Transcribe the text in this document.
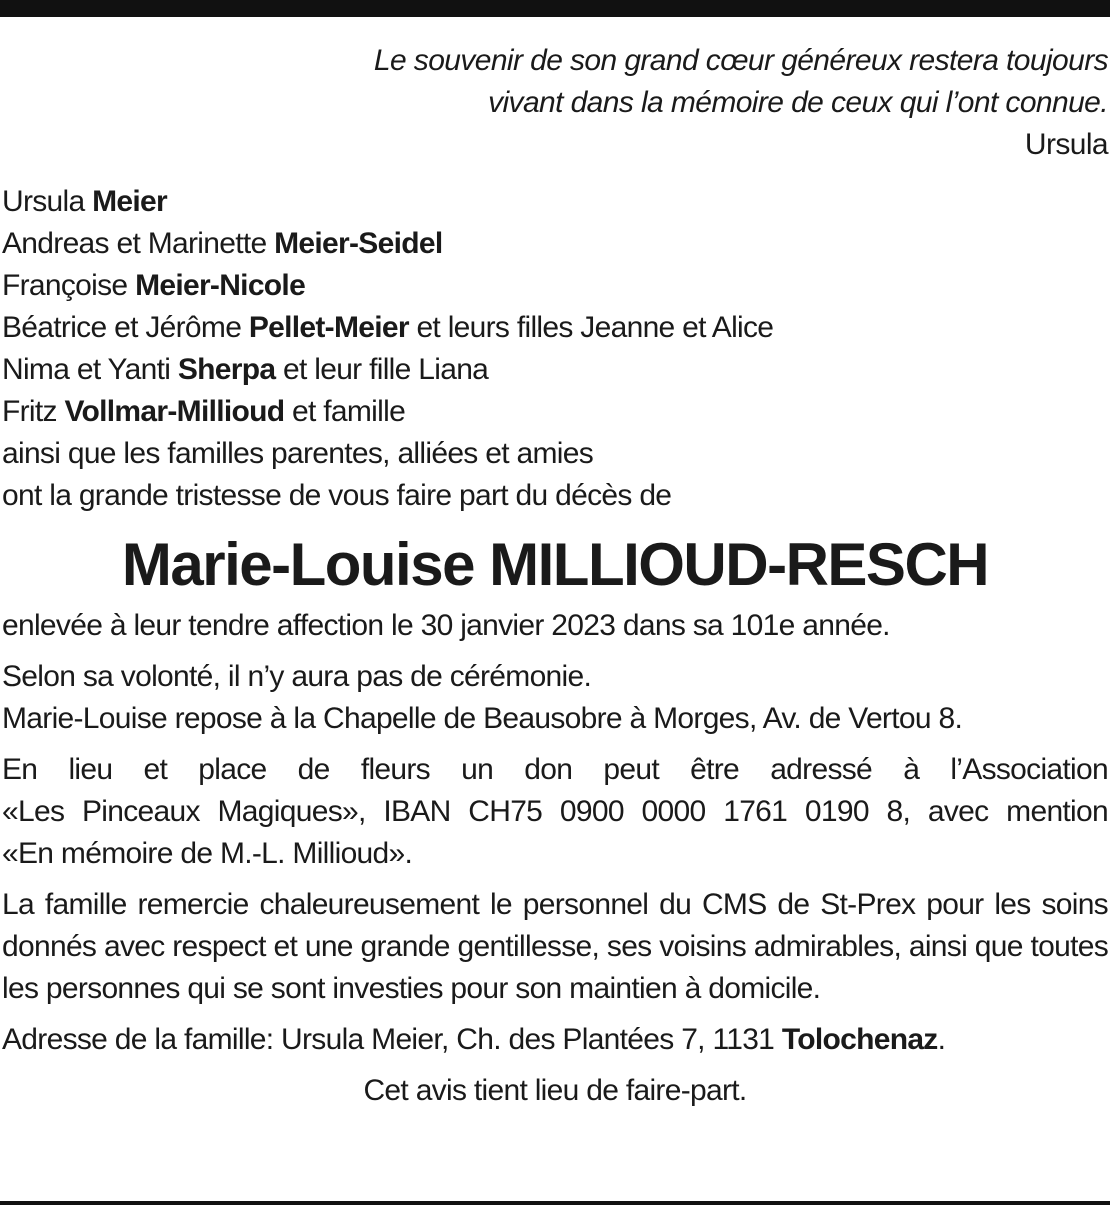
Le souvenir de son grand cœur généreux restera toujours
vivant dans la mémoire de ceux qui l’ont connue.
Ursula
Ursula Meier
Andreas et Marinette Meier-Seidel
Françoise Meier-Nicole
Béatrice et Jérôme Pellet-Meier et leurs filles Jeanne et Alice
Nima et Yanti Sherpa et leur fille Liana
Fritz Vollmar-Millioud et famille
ainsi que les familles parentes, alliées et amies
ont la grande tristesse de vous faire part du décès de
Marie-Louise MILLIOUD-RESCH

enlevée à leur tendre affection le 30 janvier 2023 dans sa 101e année.

Selon sa volonté, il n’y aura pas de cérémonie.

Marie-Louise repose à la Chapelle de Beausobre à Morges, Av. de Vertou 8.

En lieu et place de fleurs un don peut être adressé à l’Association

«Les Pinceaux Magiques», IBAN CH75 0900 0000 1761 0190 8, avec mention

«En mémoire de M.-L. Millioud».

La famille remercie chaleureusement le personnel du CMS de St-Prex pour les soins donnés avec respect et une grande gentillesse, ses voisins admirables, ainsi que toutes les personnes qui se sont investies pour son maintien à domicile.

Adresse de la famille: Ursula Meier, Ch. des Plantées 7, 1131 Tolochenaz.

Cet avis tient lieu de faire-part.
